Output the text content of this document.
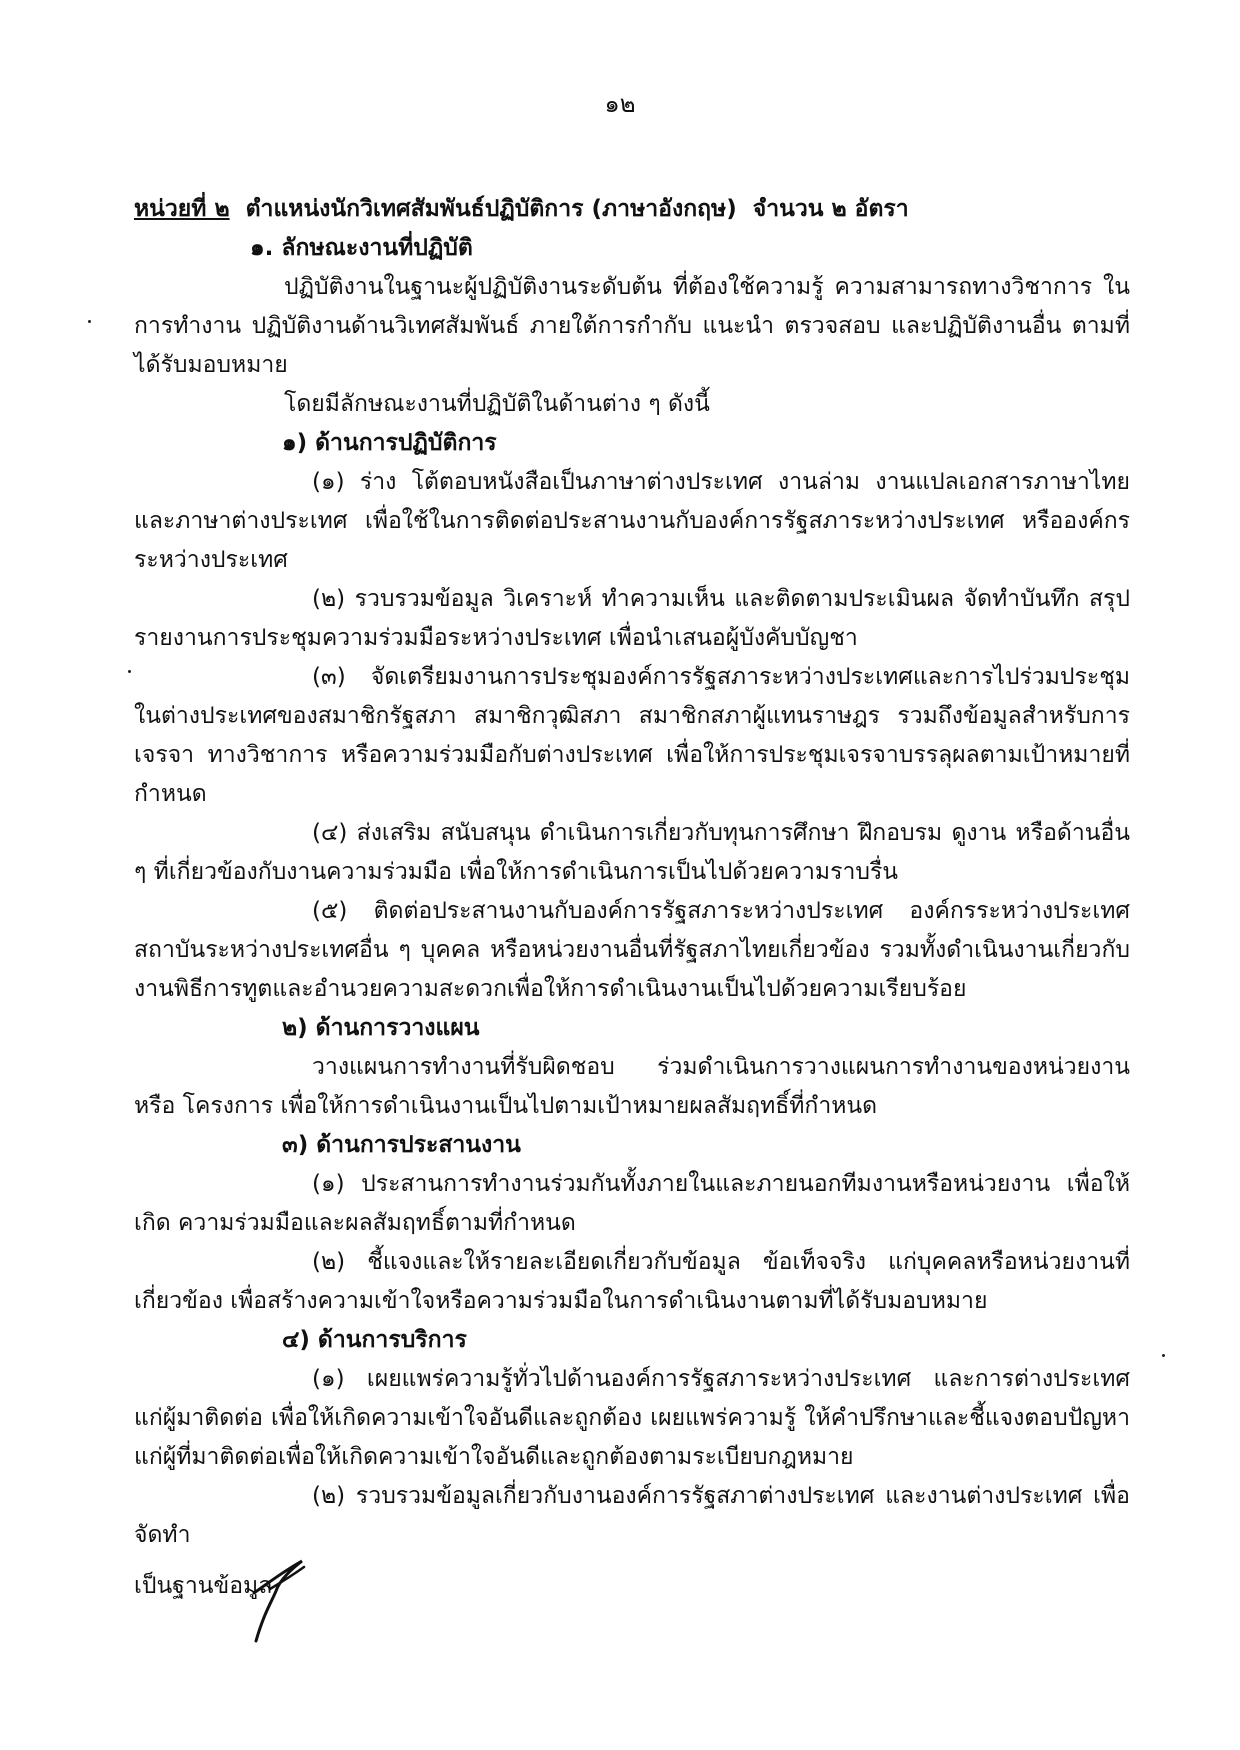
๑๒

หน่วยที่ ๒ ตำแหน่งนักวิเทศสัมพันธ์ปฏิบัติการ (ภาษาอังกฤษ) จำนวน ๒ อัตรา

๑. ลักษณะงานที่ปฏิบัติ

ปฏิบัติงานในฐานะผู้ปฏิบัติงานระดับต้น ที่ต้องใช้ความรู้ ความสามารถทางวิชาการ ในการทำงาน ปฏิบัติงานด้านวิเทศสัมพันธ์ ภายใต้การกำกับ แนะนำ ตรวจสอบ และปฏิบัติงานอื่น ตามที่ได้รับมอบหมาย

โดยมีลักษณะงานที่ปฏิบัติในด้านต่าง ๆ ดังนี้

๑) ด้านการปฏิบัติการ

(๑) ร่าง โต้ตอบหนังสือเป็นภาษาต่างประเทศ งานล่าม งานแปลเอกสารภาษาไทย และภาษาต่างประเทศ เพื่อใช้ในการติดต่อประสานงานกับองค์การรัฐสภาระหว่างประเทศ หรือองค์กร ระหว่างประเทศ

(๒) รวบรวมข้อมูล วิเคราะห์ ทำความเห็น และติดตามประเมินผล จัดทำบันทึก สรุปรายงานการประชุมความร่วมมือระหว่างประเทศ เพื่อนำเสนอผู้บังคับบัญชา

(๓) จัดเตรียมงานการประชุมองค์การรัฐสภาระหว่างประเทศและการไปร่วมประชุม ในต่างประเทศของสมาชิกรัฐสภา สมาชิกวุฒิสภา สมาชิกสภาผู้แทนราษฎร รวมถึงข้อมูลสำหรับการเจรจา ทางวิชาการ หรือความร่วมมือกับต่างประเทศ เพื่อให้การประชุมเจรจาบรรลุผลตามเป้าหมายที่กำหนด

(๔) ส่งเสริม สนับสนุน ดำเนินการเกี่ยวกับทุนการศึกษา ฝึกอบรม ดูงาน หรือด้านอื่น ๆ ที่เกี่ยวข้องกับงานความร่วมมือ เพื่อให้การดำเนินการเป็นไปด้วยความราบรื่น

(๕) ติดต่อประสานงานกับองค์การรัฐสภาระหว่างประเทศ องค์กรระหว่างประเทศ สถาบันระหว่างประเทศอื่น ๆ บุคคล หรือหน่วยงานอื่นที่รัฐสภาไทยเกี่ยวข้อง รวมทั้งดำเนินงานเกี่ยวกับ งานพิธีการทูตและอำนวยความสะดวกเพื่อให้การดำเนินงานเป็นไปด้วยความเรียบร้อย

๒) ด้านการวางแผน

วางแผนการทำงานที่รับผิดชอบ ร่วมดำเนินการวางแผนการทำงานของหน่วยงาน หรือ โครงการ เพื่อให้การดำเนินงานเป็นไปตามเป้าหมายผลสัมฤทธิ์ที่กำหนด

๓) ด้านการประสานงาน

(๑) ประสานการทำงานร่วมกันทั้งภายในและภายนอกทีมงานหรือหน่วยงาน เพื่อให้เกิด ความร่วมมือและผลสัมฤทธิ์ตามที่กำหนด

(๒) ชี้แจงและให้รายละเอียดเกี่ยวกับข้อมูล ข้อเท็จจริง แก่บุคคลหรือหน่วยงานที่เกี่ยวข้อง เพื่อสร้างความเข้าใจหรือความร่วมมือในการดำเนินงานตามที่ได้รับมอบหมาย

๔) ด้านการบริการ

(๑) เผยแพร่ความรู้ทั่วไปด้านองค์การรัฐสภาระหว่างประเทศ และการต่างประเทศ แก่ผู้มาติดต่อ เพื่อให้เกิดความเข้าใจอันดีและถูกต้อง เผยแพร่ความรู้ ให้คำปรึกษาและชี้แจงตอบปัญหา แก่ผู้ที่มาติดต่อเพื่อให้เกิดความเข้าใจอันดีและถูกต้องตามระเบียบกฎหมาย

(๒) รวบรวมข้อมูลเกี่ยวกับงานองค์การรัฐสภาต่างประเทศ และงานต่างประเทศ เพื่อจัดทำ

เป็นฐานข้อมูล
